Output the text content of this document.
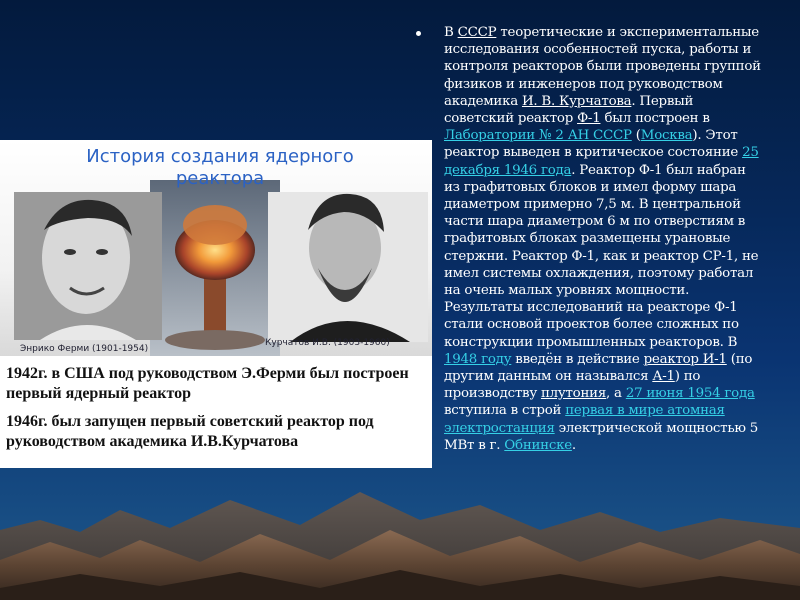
История создания ядерного реактора
Энрико Ферми (1901-1954)
Курчатов И.В. (1903-1960)
1942г. в США под руководством Э.Ферми был построен первый ядерный реактор
1946г. был запущен первый советский реактор под руководством академика И.В.Курчатова
В СССР теоретические и экспериментальные исследования особенностей пуска, работы и контроля реакторов были проведены группой физиков и инженеров под руководством академика И. В. Курчатова. Первый советский реактор Ф-1 был построен в Лаборатории № 2 АН СССР (Москва). Этот реактор выведен в критическое состояние 25 декабря 1946 года. Реактор Ф-1 был набран из графитовых блоков и имел форму шара диаметром примерно 7,5 м. В центральной части шара диаметром 6 м по отверстиям в графитовых блоках размещены урановые стержни. Реактор Ф-1, как и реактор СР-1, не имел системы охлаждения, поэтому работал на очень малых уровнях мощности. Результаты исследований на реакторе Ф-1 стали основой проектов более сложных по конструкции промышленных реакторов. В 1948 году введён в действие реактор И-1 (по другим данным он назывался А-1) по производству плутония, а 27 июня 1954 года вступила в строй первая в мире атомная электростанция электрической мощностью 5 МВт в г. Обнинске.
